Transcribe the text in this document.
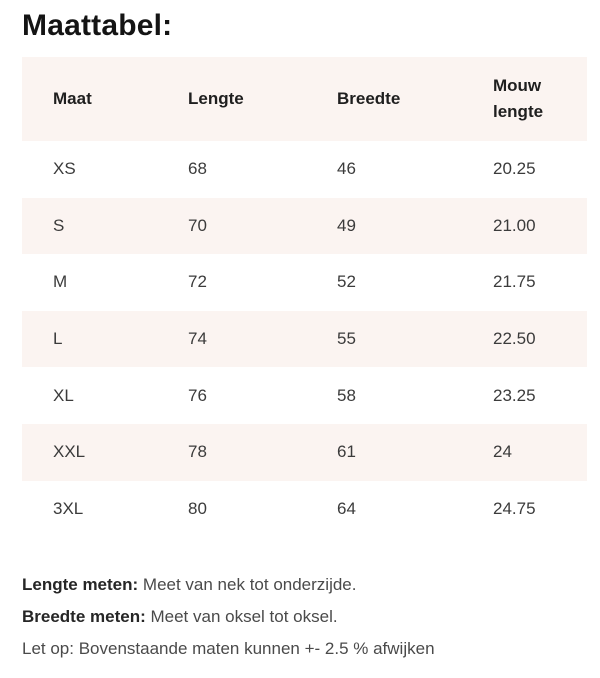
Maattabel:
Maat	Lengte	Breedte	Mouw
lengte

XS	68	46	20.25
S	70	49	21.00
M	72	52	21.75
L	74	55	22.50
XL	76	58	23.25
XXL	78	61	24
3XL	80	64	24.75
Lengte meten: Meet van nek tot onderzijde.
Breedte meten: Meet van oksel tot oksel.
Let op: Bovenstaande maten kunnen +- 2.5 % afwijken
